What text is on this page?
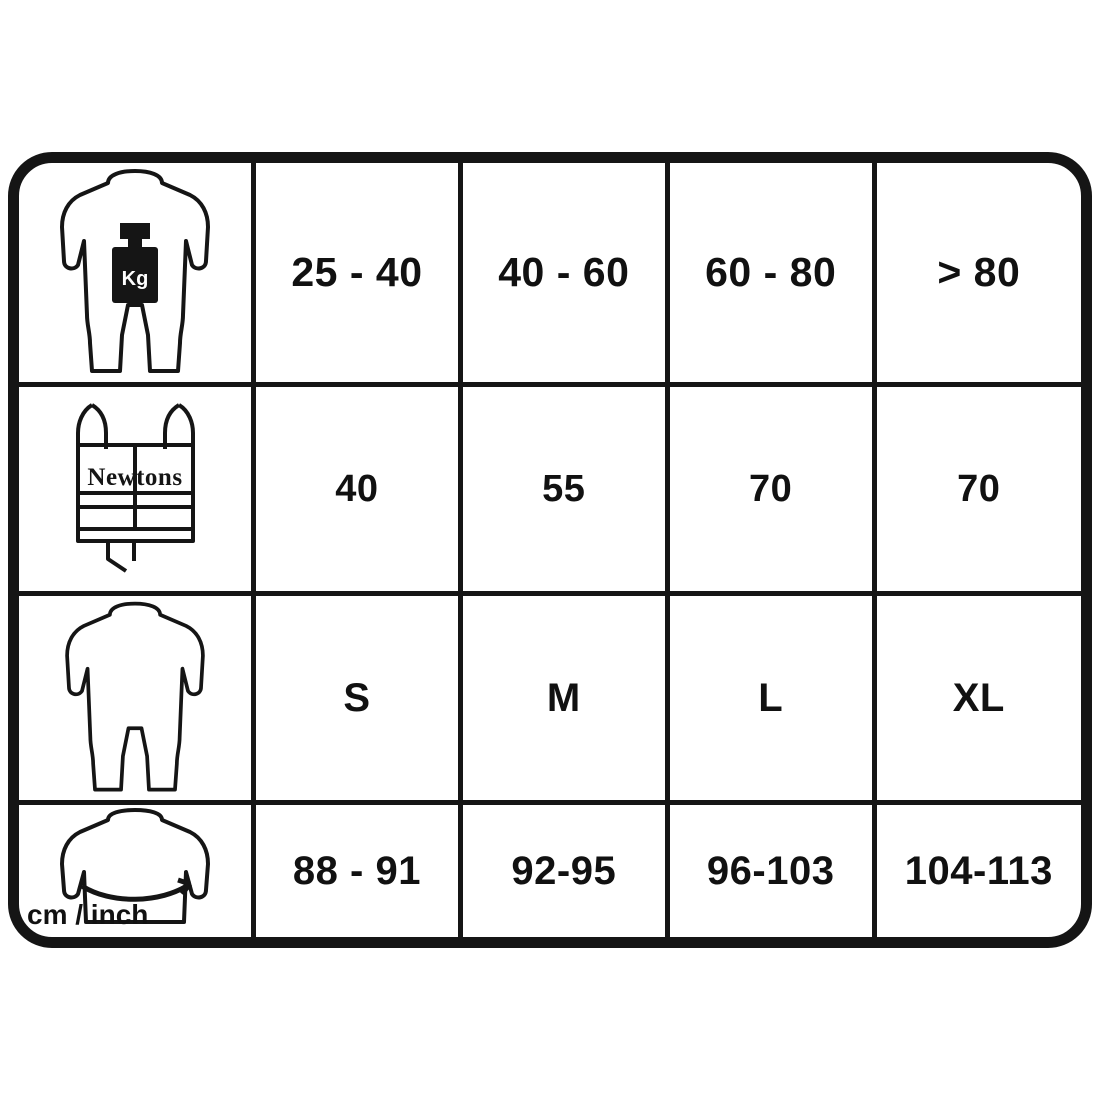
Kg	25 - 40	40 - 60	60 - 80	> 80

Newtons	40	55	70	70

	S	M	L	XL

cm / inch	88 - 91	92-95	96-103	104-113
